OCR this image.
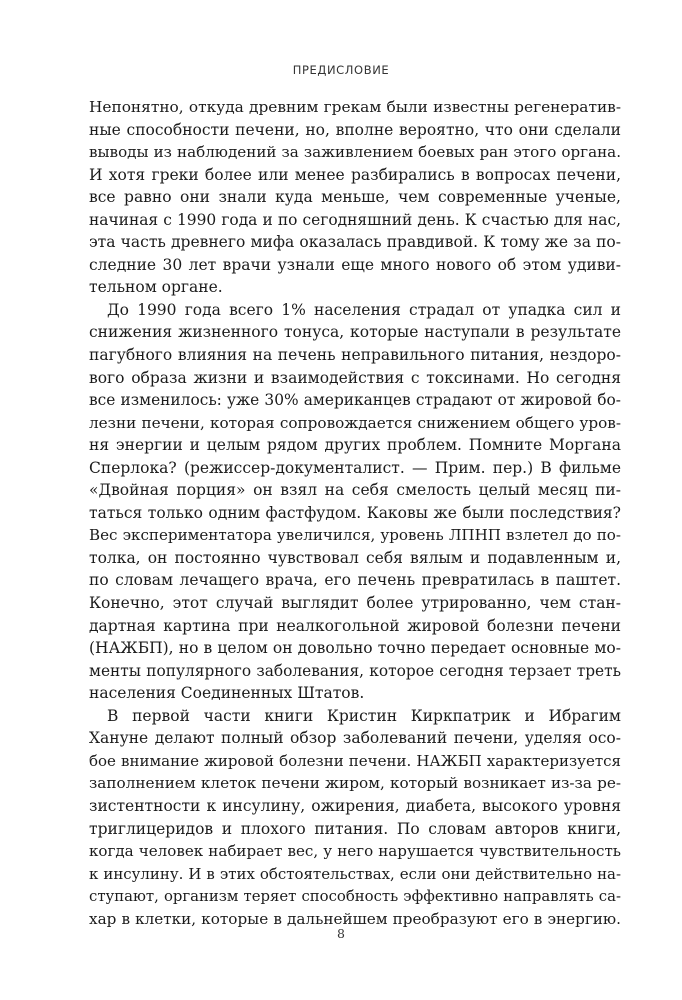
ПРЕДИСЛОВИЕ
Непонятно, откуда древним грекам были известны регенератив-
ные способности печени, но, вполне вероятно, что они сделали
выводы из наблюдений за заживлением боевых ран этого органа.
И хотя греки более или менее разбирались в вопросах печени,
все равно они знали куда меньше, чем современные ученые,
начиная с 1990 года и по сегодняшний день. К счастью для нас,
эта часть древнего мифа оказалась правдивой. К тому же за по-
следние 30 лет врачи узнали еще много нового об этом удиви-
тельном органе.
До 1990 года всего 1% населения страдал от упадка сил и
снижения жизненного тонуса, которые наступали в результате
пагубного влияния на печень неправильного питания, нездоро-
вого образа жизни и взаимодействия с токсинами. Но сегодня
все изменилось: уже 30% американцев страдают от жировой бо-
лезни печени, которая сопровождается снижением общего уров-
ня энергии и целым рядом других проблем. Помните Моргана
Сперлока? (режиссер-документалист. — Прим. пер.) В фильме
«Двойная порция» он взял на себя смелость целый месяц пи-
таться только одним фастфудом. Каковы же были последствия?
Вес экспериментатора увеличился, уровень ЛПНП взлетел до по-
толка, он постоянно чувствовал себя вялым и подавленным и,
по словам лечащего врача, его печень превратилась в паштет.
Конечно, этот случай выглядит более утрированно, чем стан-
дартная картина при неалкогольной жировой болезни печени
(НАЖБП), но в целом он довольно точно передает основные мо-
менты популярного заболевания, которое сегодня терзает треть
населения Соединенных Штатов.
В первой части книги Кристин Киркпатрик и Ибрагим
Хануне делают полный обзор заболеваний печени, уделяя осо-
бое внимание жировой болезни печени. НАЖБП характеризуется
заполнением клеток печени жиром, который возникает из-за ре-
зистентности к инсулину, ожирения, диабета, высокого уровня
триглицеридов и плохого питания. По словам авторов книги,
когда человек набирает вес, у него нарушается чувствительность
к инсулину. И в этих обстоятельствах, если они действительно на-
ступают, организм теряет способность эффективно направлять са-
хар в клетки, которые в дальнейшем преобразуют его в энергию.
8
